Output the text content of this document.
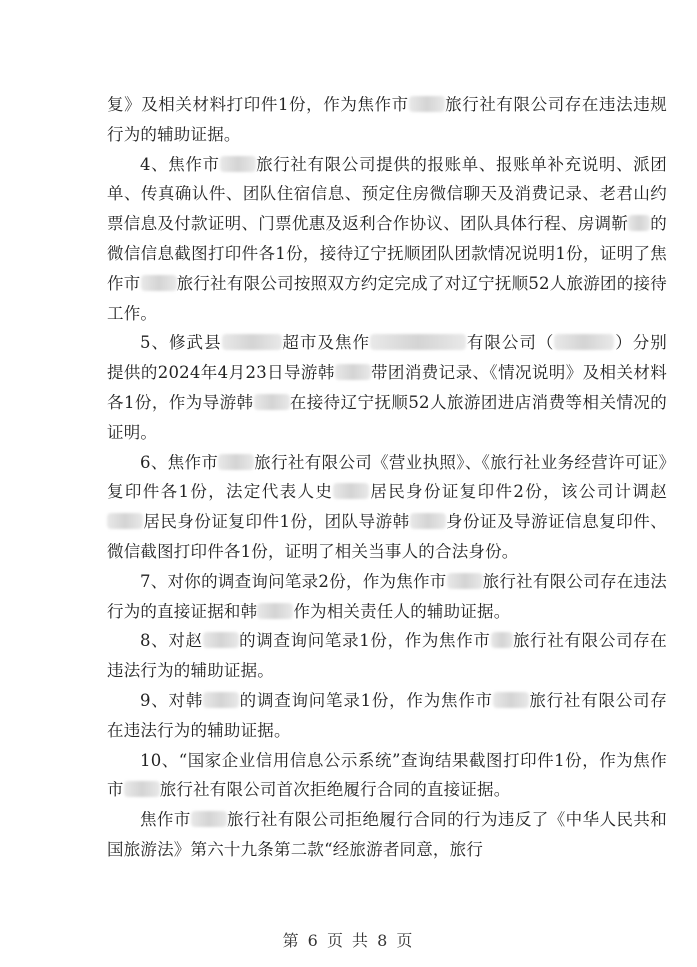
复》及相关材料打印件1份，作为焦作市 旅行社有限公司存在违法违规行为的辅助证据。

4、焦作市 旅行社有限公司提供的报账单、报账单补充说明、派团单、传真确认件、团队住宿信息、预定住房微信聊天及消费记录、老君山约票信息及付款证明、门票优惠及返利合作协议、团队具体行程、房调靳 的微信信息截图打印件各1份，接待辽宁抚顺团队团款情况说明1份，证明了焦作市 旅行社有限公司按照双方约定完成了对辽宁抚顺52人旅游团的接待工作。

5、修武县	超市及焦作	有限公司（	）分别提供的2024年4月23日导游韩 带团消费记录、《情况说明》及相关材料各1份，作为导游韩 在接待辽宁抚顺52人旅游团进店消费等相关情况的证明。

6、焦作市 旅行社有限公司《营业执照》、《旅行社业务经营许可证》复印件各1份，法定代表人史 居民身份证复印件2份，该公司计调赵居民身份证复印件1份，团队导游韩 身份证及导游证信息复印件、微信截图打印件各1份，证明了相关当事人的合法身份。

7、对你的调查询问笔录2份，作为焦作市 旅行社有限公司存在违法行为的直接证据和韩 作为相关责任人的辅助证据。

8、对赵 的调查询问笔录1份，作为焦作市 旅行社有限公司存在违法行为的辅助证据。

9、对韩 的调查询问笔录1份，作为焦作市 旅行社有限公司存在违法行为的辅助证据。

10、“国家企业信用信息公示系统”查询结果截图打印件1份，作为焦作市 旅行社有限公司首次拒绝履行合同的直接证据。

焦作市 旅行社有限公司拒绝履行合同的行为违反了《中华人民共和国旅游法》第六十九条第二款“经旅游者同意，旅行

第 6 页 共 8 页
